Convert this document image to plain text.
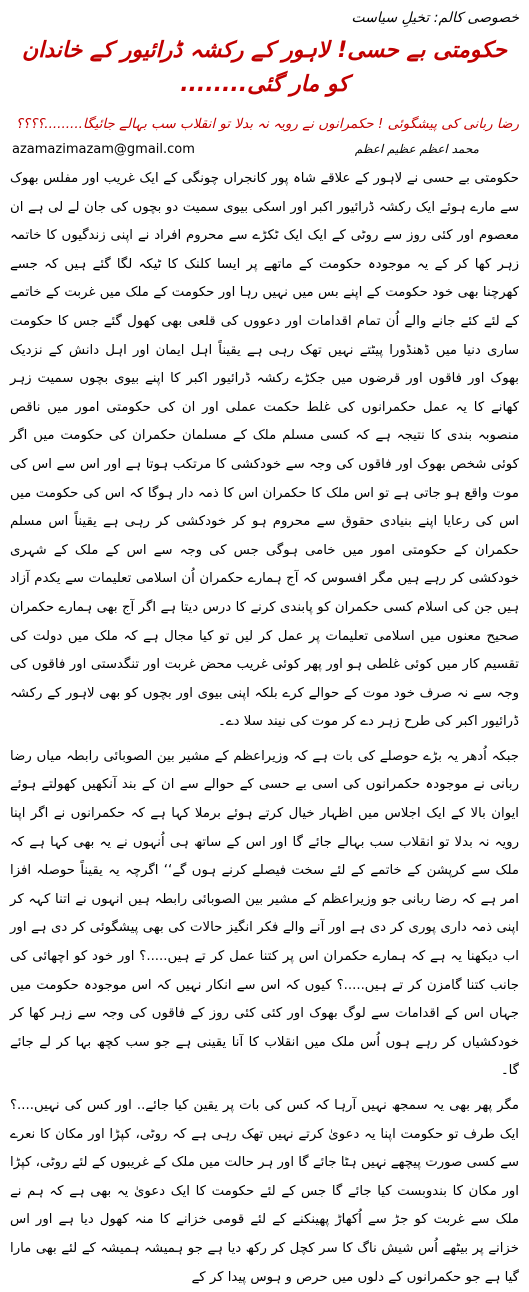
خصوصی کالم: تخیلِ سیاست
حکومتی بے حسی! لاہور کے رکشہ ڈرائیور کے خاندان کو مار گئی........
رضا ربانی کی پیشگوئی ! حکمرانوں نے رویہ نہ بدلا تو انقلاب سب بہالے جائیگا.........؟؟؟؟
محمد اعظم عظیم اعظم
azamazimazam@gmail.com

حکومتی بے حسی نے لاہور کے علاقے شاہ پور کانجراں چونگی کے ایک غریب اور مفلس بھوک سے مارے ہوئے ایک رکشہ ڈرائیور اکبر اور اسکی بیوی سمیت دو بچوں کی جان لے لی ہے ان معصوم اور کئی روز سے روٹی کے ایک ایک ٹکڑے سے محروم افراد نے اپنی زندگیوں کا خاتمہ زہر کھا کر کے یہ موجودہ حکومت کے ماتھے پر ایسا کلنک کا ٹیکہ لگا گئے ہیں کہ جسے کھرچنا بھی خود حکومت کے اپنے بس میں نہیں رہا اور حکومت کے ملک میں غربت کے خاتمے کے لئے کئے جانے والے اُن تمام اقدامات اور دعووں کی قلعی بھی کھول گئے جس کا حکومت ساری دنیا میں ڈھنڈورا پیٹتے نہیں تھک رہی ہے یقیناً اہل ایمان اور اہل دانش کے نزدیک بھوک اور فاقوں اور قرضوں میں جکڑے رکشہ ڈرائیور اکبر کا اپنے بیوی بچوں سمیت زہر کھانے کا یہ عمل حکمرانوں کی غلط حکمت عملی اور ان کی حکومتی امور میں ناقص منصوبہ بندی کا نتیجہ ہے کہ کسی مسلم ملک کے مسلمان حکمران کی حکومت میں اگر کوئی شخص بھوک اور فاقوں کی وجہ سے خودکشی کا مرتکب ہوتا ہے اور اس سے اس کی موت واقع ہو جاتی ہے تو اس ملک کا حکمران اس کا ذمہ دار ہوگا کہ اس کی حکومت میں اس کی رعایا اپنے بنیادی حقوق سے محروم ہو کر خودکشی کر رہی ہے یقیناً اس مسلم حکمران کے حکومتی امور میں خامی ہوگی جس کی وجہ سے اس کے ملک کے شہری خودکشی کر رہے ہیں مگر افسوس کہ آج ہمارے حکمران اُن اسلامی تعلیمات سے یکدم آزاد ہیں جن کی اسلام کسی حکمران کو پابندی کرنے کا درس دیتا ہے اگر آج بھی ہمارے حکمران صحیح معنوں میں اسلامی تعلیمات پر عمل کر لیں تو کیا مجال ہے کہ ملک میں دولت کی تقسیم کار میں کوئی غلطی ہو اور پھر کوئی غریب محض غربت اور تنگدستی اور فاقوں کی وجہ سے نہ صرف خود موت کے حوالے کرے بلکہ اپنی بیوی اور بچوں کو بھی لاہور کے رکشہ ڈرائیور اکبر کی طرح زہر دے کر موت کی نیند سلا دے۔

جبکہ اُدھر یہ بڑے حوصلے کی بات ہے کہ وزیراعظم کے مشیر بین الصوبائی رابطہ میاں رضا ربانی نے موجودہ حکمرانوں کی اسی بے حسی کے حوالے سے ان کے بند آنکھیں کھولتے ہوئے ایوان بالا کے ایک اجلاس میں اظہار خیال کرتے ہوئے برملا کہا ہے کہ حکمرانوں نے اگر اپنا رویہ نہ بدلا تو انقلاب سب بہالے جائے گا اور اس کے ساتھ ہی اُنہوں نے یہ بھی کہا ہے کہ ملک سے کرپشن کے خاتمے کے لئے سخت فیصلے کرنے ہوں گے‘‘ اگرچہ یہ یقیناً حوصلہ افزا امر ہے کہ رضا ربانی جو وزیراعظم کے مشیر بین الصوبائی رابطہ ہیں انہوں نے اتنا کہہ کر اپنی ذمہ داری پوری کر دی ہے اور آنے والے فکر انگیز حالات کی بھی پیشگوئی کر دی ہے اور اب دیکھنا یہ ہے کہ ہمارے حکمران اس پر کتنا عمل کر تے ہیں.....؟ اور خود کو اچھائی کی جانب کتنا گامزن کر تے ہیں.....؟ کیوں کہ اس سے انکار نہیں کہ اس موجودہ حکومت میں جہاں اس کے اقدامات سے لوگ بھوک اور کئی کئی روز کے فاقوں کی وجہ سے زہر کھا کر خودکشیاں کر رہے ہوں اُس ملک میں انقلاب کا آنا یقینی ہے جو سب کچھ بہا کر لے جائے گا۔

مگر پھر بھی یہ سمجھ نہیں آرہا کہ کس کی بات پر یقین کیا جائے.. اور کس کی نہیں....؟ ایک طرف تو حکومت اپنا یہ دعویٰ کرتے نہیں تھک رہی ہے کہ روٹی، کپڑا اور مکان کا نعرے سے کسی صورت پیچھے نہیں ہٹا جائے گا اور ہر حالت میں ملک کے غریبوں کے لئے روٹی، کپڑا اور مکان کا بندوبست کیا جائے گا جس کے لئے حکومت کا ایک دعویٰ یہ بھی ہے کہ ہم نے ملک سے غربت کو جڑ سے اُکھاڑ پھینکنے کے لئے قومی خزانے کا منہ کھول دیا ہے اور اس خزانے پر بیٹھے اُس شیش ناگ کا سر کچل کر رکھ دیا ہے جو ہمیشہ ہمیشہ کے لئے بھی مارا گیا ہے جو حکمرانوں کے دلوں میں حرص و ہوس پیدا کر کے
